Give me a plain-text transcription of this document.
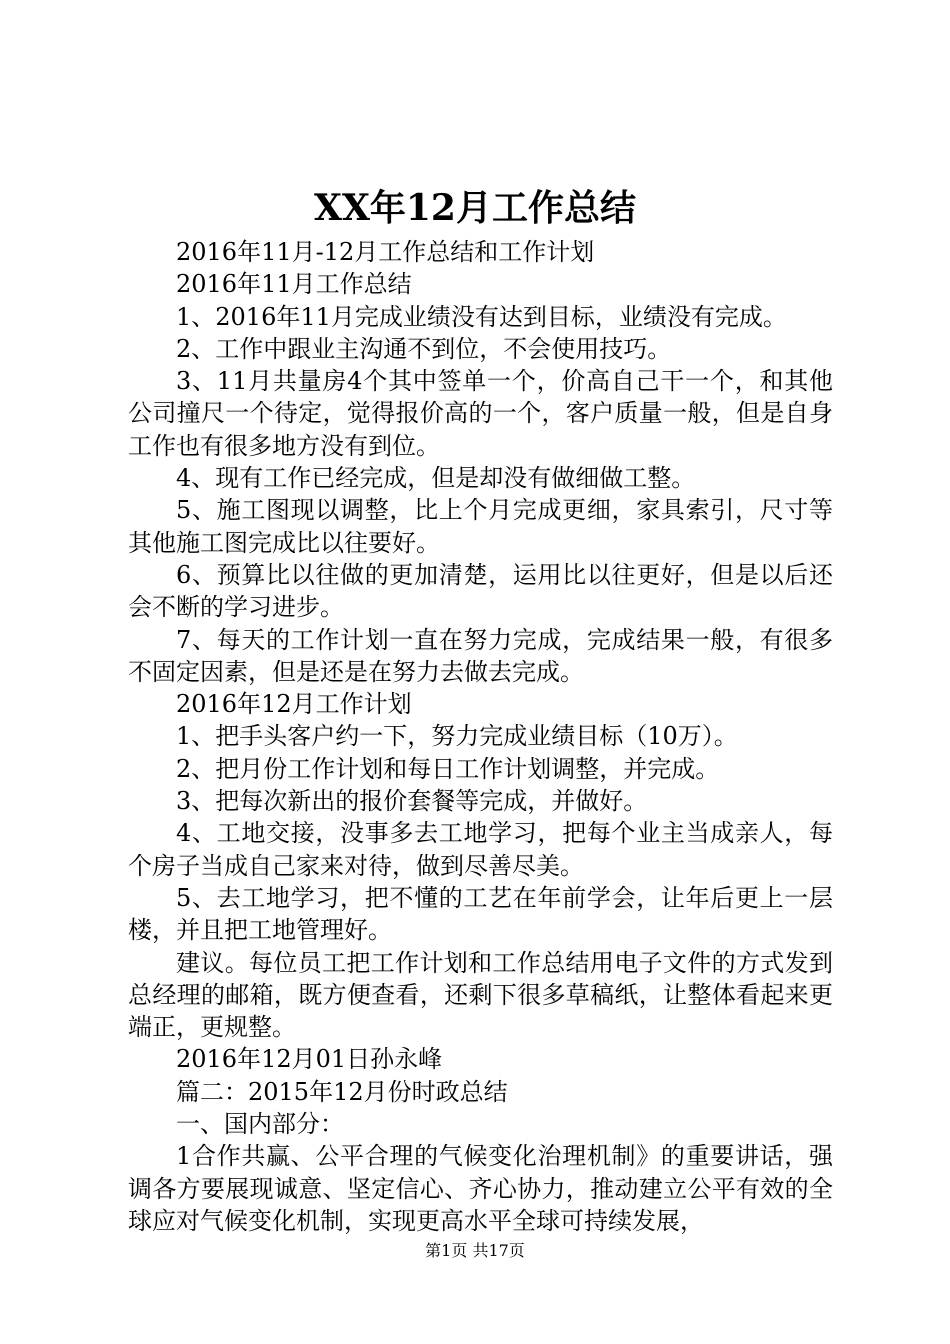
XX年12月工作总结

2016年11月-12月工作总结和工作计划

2016年11月工作总结

1、2016年11月完成业绩没有达到目标，业绩没有完成。

2、工作中跟业主沟通不到位，不会使用技巧。

3、11月共量房4个其中签单一个，价高自己干一个，和其他公司撞尺一个待定，觉得报价高的一个，客户质量一般，但是自身工作也有很多地方没有到位。

4、现有工作已经完成，但是却没有做细做工整。

5、施工图现以调整，比上个月完成更细，家具索引，尺寸等其他施工图完成比以往要好。

6、预算比以往做的更加清楚，运用比以往更好，但是以后还会不断的学习进步。

7、每天的工作计划一直在努力完成，完成结果一般，有很多不固定因素，但是还是在努力去做去完成。

2016年12月工作计划

1、把手头客户约一下，努力完成业绩目标（10万）。

2、把月份工作计划和每日工作计划调整，并完成。

3、把每次新出的报价套餐等完成，并做好。

4、工地交接，没事多去工地学习，把每个业主当成亲人，每个房子当成自己家来对待，做到尽善尽美。

5、去工地学习，把不懂的工艺在年前学会，让年后更上一层楼，并且把工地管理好。

建议。每位员工把工作计划和工作总结用电子文件的方式发到总经理的邮箱，既方便查看，还剩下很多草稿纸，让整体看起来更端正，更规整。

2016年12月01日孙永峰

篇二：2015年12月份时政总结

一、国内部分：

1合作共赢、公平合理的气候变化治理机制》的重要讲话，强调各方要展现诚意、坚定信心、齐心协力，推动建立公平有效的全球应对气候变化机制，实现更高水平全球可持续发展，

第1页 共17页
